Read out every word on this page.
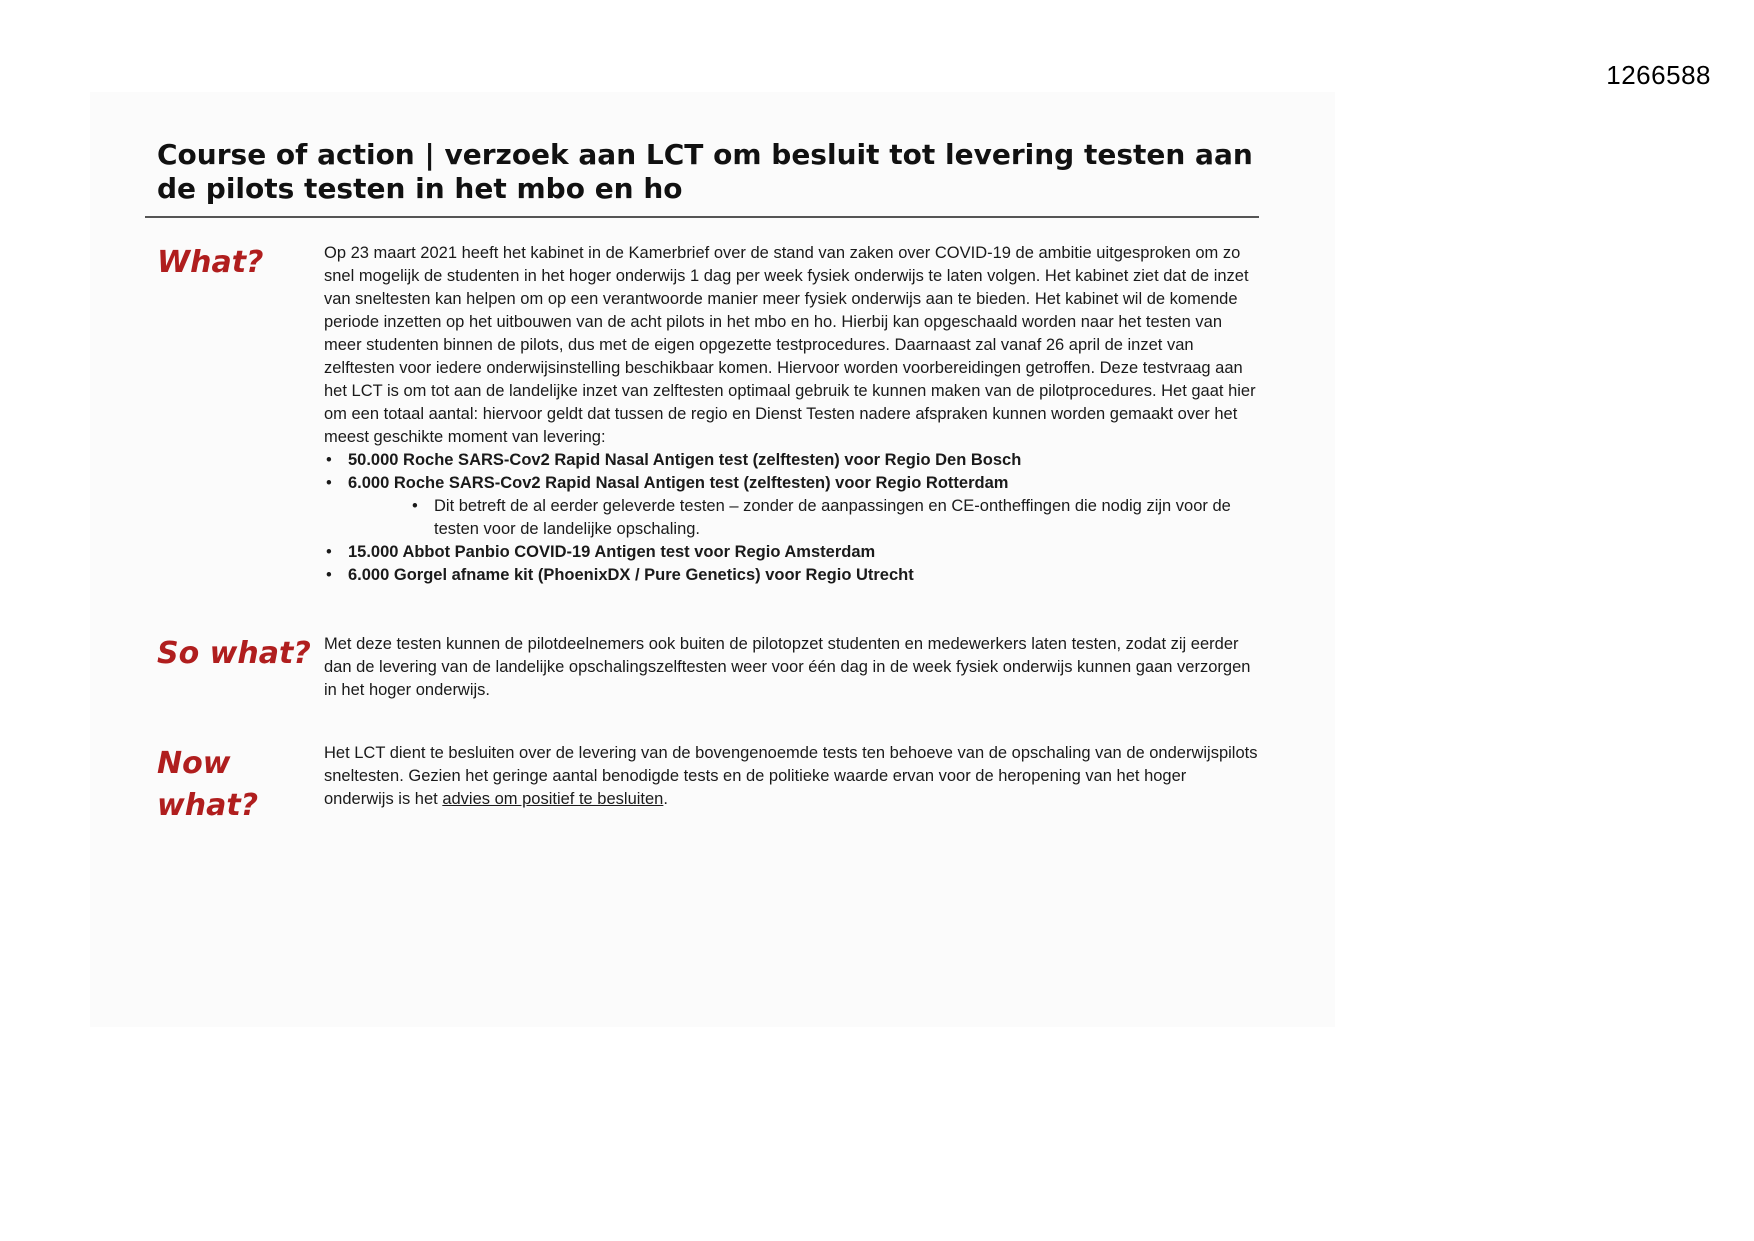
1266588
Course of action | verzoek aan LCT om besluit tot levering testen aan de pilots testen in het mbo en ho
What?	Op 23 maart 2021 heeft het kabinet in de Kamerbrief over de stand van zaken over COVID-19 de ambitie uitgesproken om zo snel mogelijk de studenten in het hoger onderwijs 1 dag per week fysiek onderwijs te laten volgen. Het kabinet ziet dat de inzet van sneltesten kan helpen om op een verantwoorde manier meer fysiek onderwijs aan te bieden. Het kabinet wil de komende periode inzetten op het uitbouwen van de acht pilots in het mbo en ho. Hierbij kan opgeschaald worden naar het testen van meer studenten binnen de pilots, dus met de eigen opgezette testprocedures. Daarnaast zal vanaf 26 april de inzet van zelftesten voor iedere onderwijsinstelling beschikbaar komen. Hiervoor worden voorbereidingen getroffen. Deze testvraag aan het LCT is om tot aan de landelijke inzet van zelftesten optimaal gebruik te kunnen maken van de pilotprocedures. Het gaat hier om een totaal aantal: hiervoor geldt dat tussen de regio en Dienst Testen nadere afspraken kunnen worden gemaakt over het meest geschikte moment van levering:

• 50.000 Roche SARS-Cov2 Rapid Nasal Antigen test (zelftesten) voor Regio Den Bosch
• 6.000 Roche SARS-Cov2 Rapid Nasal Antigen test (zelftesten) voor Regio Rotterdam
• Dit betreft de al eerder geleverde testen – zonder de aanpassingen en CE-ontheffingen die nodig zijn voor de testen voor de landelijke opschaling.
• 15.000 Abbot Panbio COVID-19 Antigen test voor Regio Amsterdam
• 6.000 Gorgel afname kit (PhoenixDX / Pure Genetics) voor Regio Utrecht
So what? Met deze testen kunnen de pilotdeelnemers ook buiten de pilotopzet studenten en medewerkers laten testen, zodat zij eerder dan de levering van de landelijke opschalingszelftesten weer voor één dag in de week fysiek onderwijs kunnen gaan verzorgen in het hoger onderwijs.

Now
what?

Het LCT dient te besluiten over de levering van de bovengenoemde tests ten behoeve van de opschaling van de onderwijspilots sneltesten. Gezien het geringe aantal benodigde tests en de politieke waarde ervan voor de heropening van het hoger onderwijs is het advies om positief te besluiten.
